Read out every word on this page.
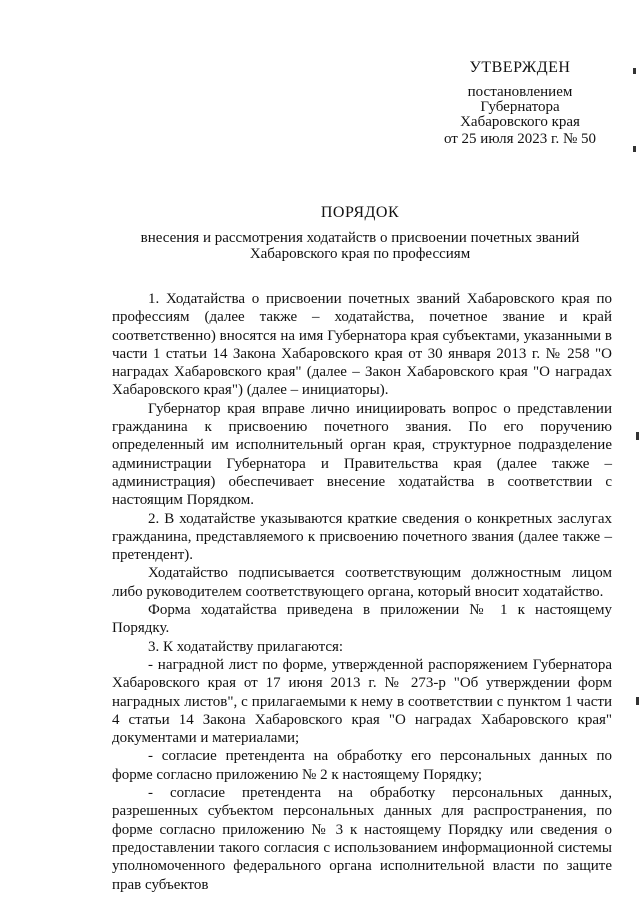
УТВЕРЖДЕН
постановлением
Губернатора
Хабаровского края
от 25 июля 2023 г. № 50
ПОРЯДОК
внесения и рассмотрения ходатайств о присвоении почетных званий
Хабаровского края по профессиям

1. Ходатайства о присвоении почетных званий Хабаровского края по профессиям (далее также – ходатайства, почетное звание и край соответственно) вносятся на имя Губернатора края субъектами, указанными в части 1 статьи 14 Закона Хабаровского края от 30 января 2013 г. № 258 "О наградах Хабаровского края" (далее – Закон Хабаровского края "О наградах Хабаровского края") (далее – инициаторы).

Губернатор края вправе лично инициировать вопрос о представлении гражданина к присвоению почетного звания. По его поручению определенный им исполнительный орган края, структурное подразделение администрации Губернатора и Правительства края (далее также – администрация) обеспечивает внесение ходатайства в соответствии с настоящим Порядком.

2. В ходатайстве указываются краткие сведения о конкретных заслугах гражданина, представляемого к присвоению почетного звания (далее также – претендент).

Ходатайство подписывается соответствующим должностным лицом либо руководителем соответствующего органа, который вносит ходатайство.

Форма ходатайства приведена в приложении № 1 к настоящему Порядку.

3. К ходатайству прилагаются:

- наградной лист по форме, утвержденной распоряжением Губернатора Хабаровского края от 17 июня 2013 г. № 273-р "Об утверждении форм наградных листов", с прилагаемыми к нему в соответствии с пунктом 1 части 4 статьи 14 Закона Хабаровского края "О наградах Хабаровского края" документами и материалами;

- согласие претендента на обработку его персональных данных по форме согласно приложению № 2 к настоящему Порядку;

- согласие претендента на обработку персональных данных, разрешенных субъектом персональных данных для распространения, по форме согласно приложению № 3 к настоящему Порядку или сведения о предоставлении такого согласия с использованием информационной системы уполномоченного федерального органа исполнительной власти по защите прав субъектов
